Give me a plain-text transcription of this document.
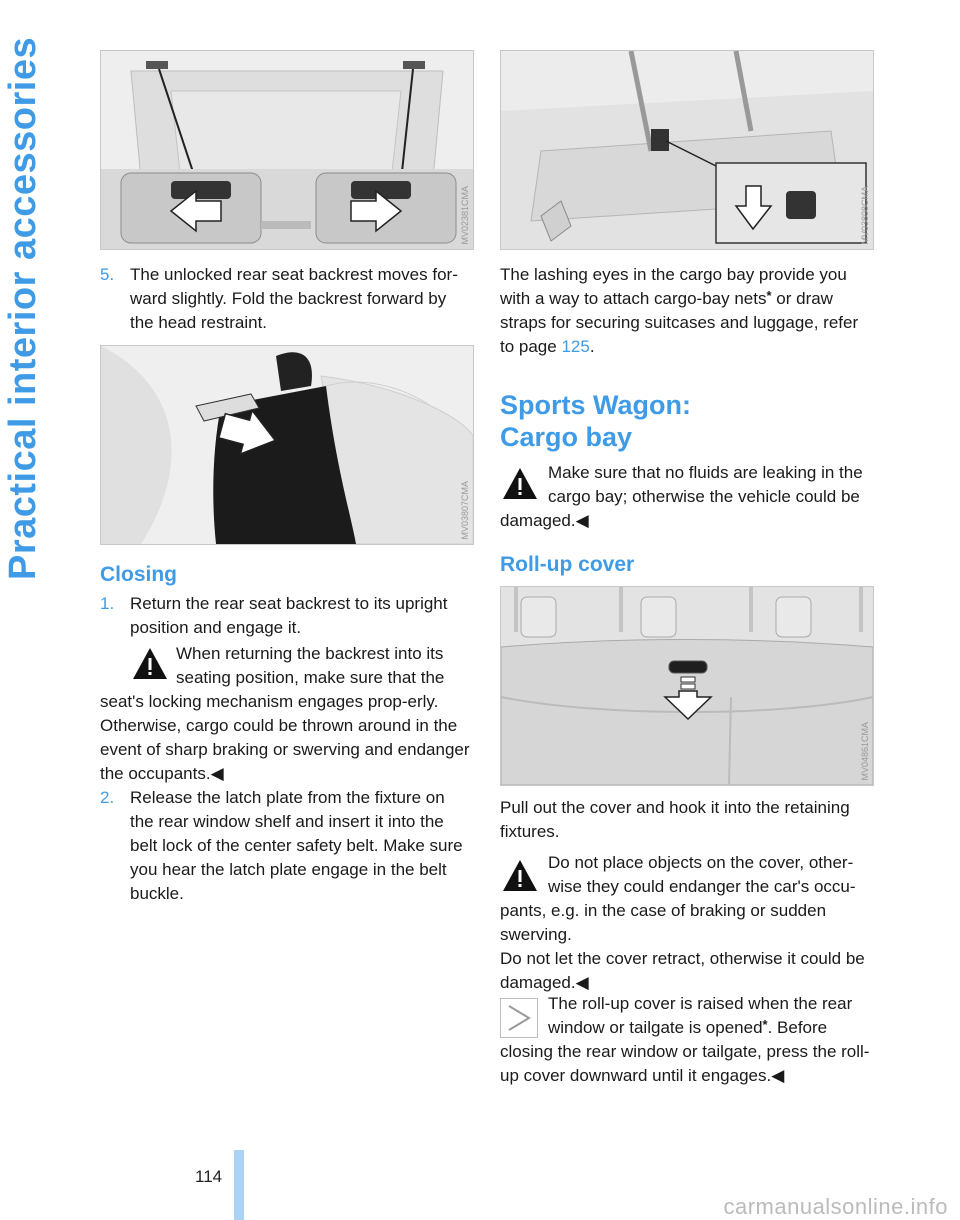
Practical interior accessories	MV02381CMA	MV03808CMA
5. The unlocked rear seat backrest moves for-ward slightly. Fold the backrest forward by the head restraint.
MV03807CMA
Closing
1. Return the rear seat backrest to its upright position and engage it.
When returning the backrest into its seating position, make sure that the
seat's locking mechanism engages prop-erly. Otherwise, cargo could be thrown around in the event of sharp braking or swerving and endanger the occupants.◀
2. Release the latch plate from the fixture on the rear window shelf and insert it into the belt lock of the center safety belt. Make sure you hear the latch plate engage in the belt buckle.
The lashing eyes in the cargo bay provide you with a way to attach cargo-bay nets* or draw straps for securing suitcases and luggage, refer to page 125.
Sports Wagon:
Cargo bay
Make sure that no fluids are leaking in the cargo bay; otherwise the vehicle could be
damaged.◀
Roll-up cover
MV04861CMA
Pull out the cover and hook it into the retaining fixtures.
Do not place objects on the cover, other-wise they could endanger the car's occu-
pants, e.g. in the case of braking or sudden swerving.
Do not let the cover retract, otherwise it could be damaged.◀
The roll-up cover is raised when the rear window or tailgate is opened*. Before
closing the rear window or tailgate, press the roll-up cover downward until it engages.◀
114
carmanualsonline.info
